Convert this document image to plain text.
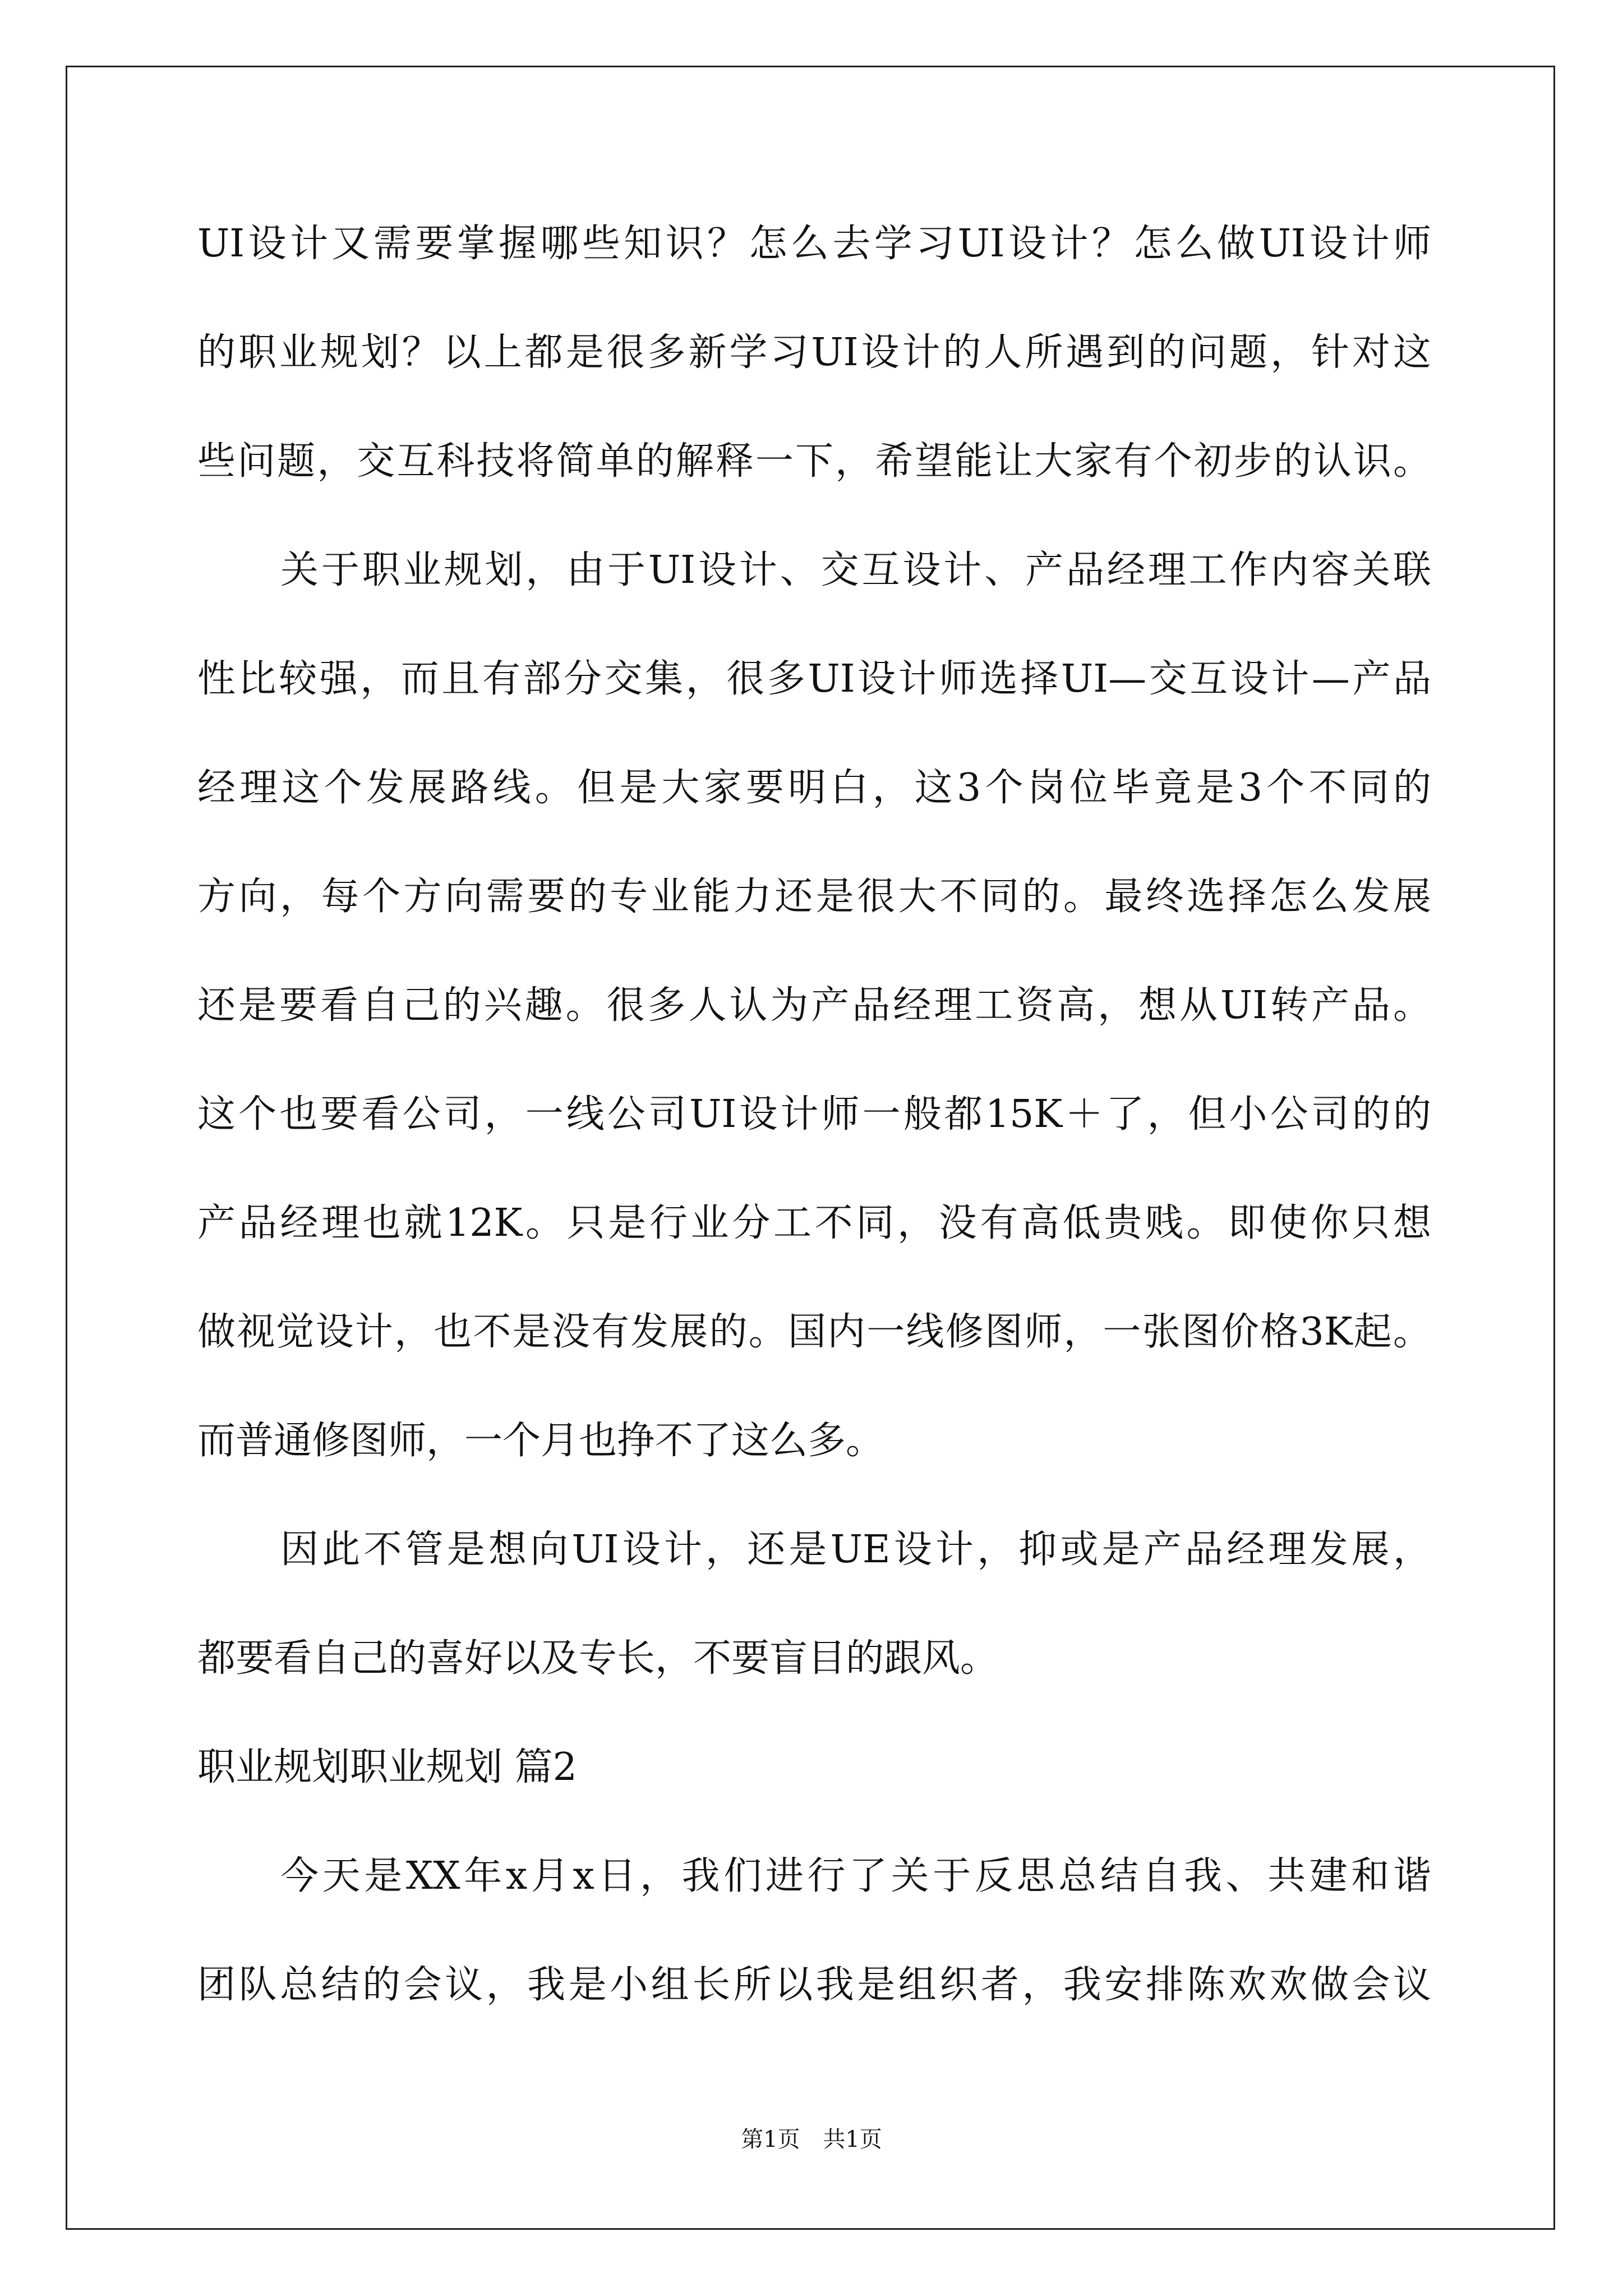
UI设计又需要掌握哪些知识？怎么去学习UI设计？怎么做UI设计师
的职业规划？以上都是很多新学习UI设计的人所遇到的问题，针对这
些问题，交互科技将简单的解释一下，希望能让大家有个初步的认识。
关于职业规划，由于UI设计、交互设计、产品经理工作内容关联
性比较强，而且有部分交集，很多UI设计师选择UI—交互设计—产品
经理这个发展路线。但是大家要明白，这3个岗位毕竟是3个不同的
方向，每个方向需要的专业能力还是很大不同的。最终选择怎么发展
还是要看自己的兴趣。很多人认为产品经理工资高，想从UI转产品。
这个也要看公司，一线公司UI设计师一般都15K＋了，但小公司的的
产品经理也就12K。只是行业分工不同，没有高低贵贱。即使你只想
做视觉设计，也不是没有发展的。国内一线修图师，一张图价格3K起。
而普通修图师，一个月也挣不了这么多。
因此不管是想向UI设计，还是UE设计，抑或是产品经理发展，
都要看自己的喜好以及专长，不要盲目的跟风。
职业规划职业规划 篇2
今天是XX年x月x日，我们进行了关于反思总结自我、共建和谐
团队总结的会议，我是小组长所以我是组织者，我安排陈欢欢做会议
第1页 共1页
